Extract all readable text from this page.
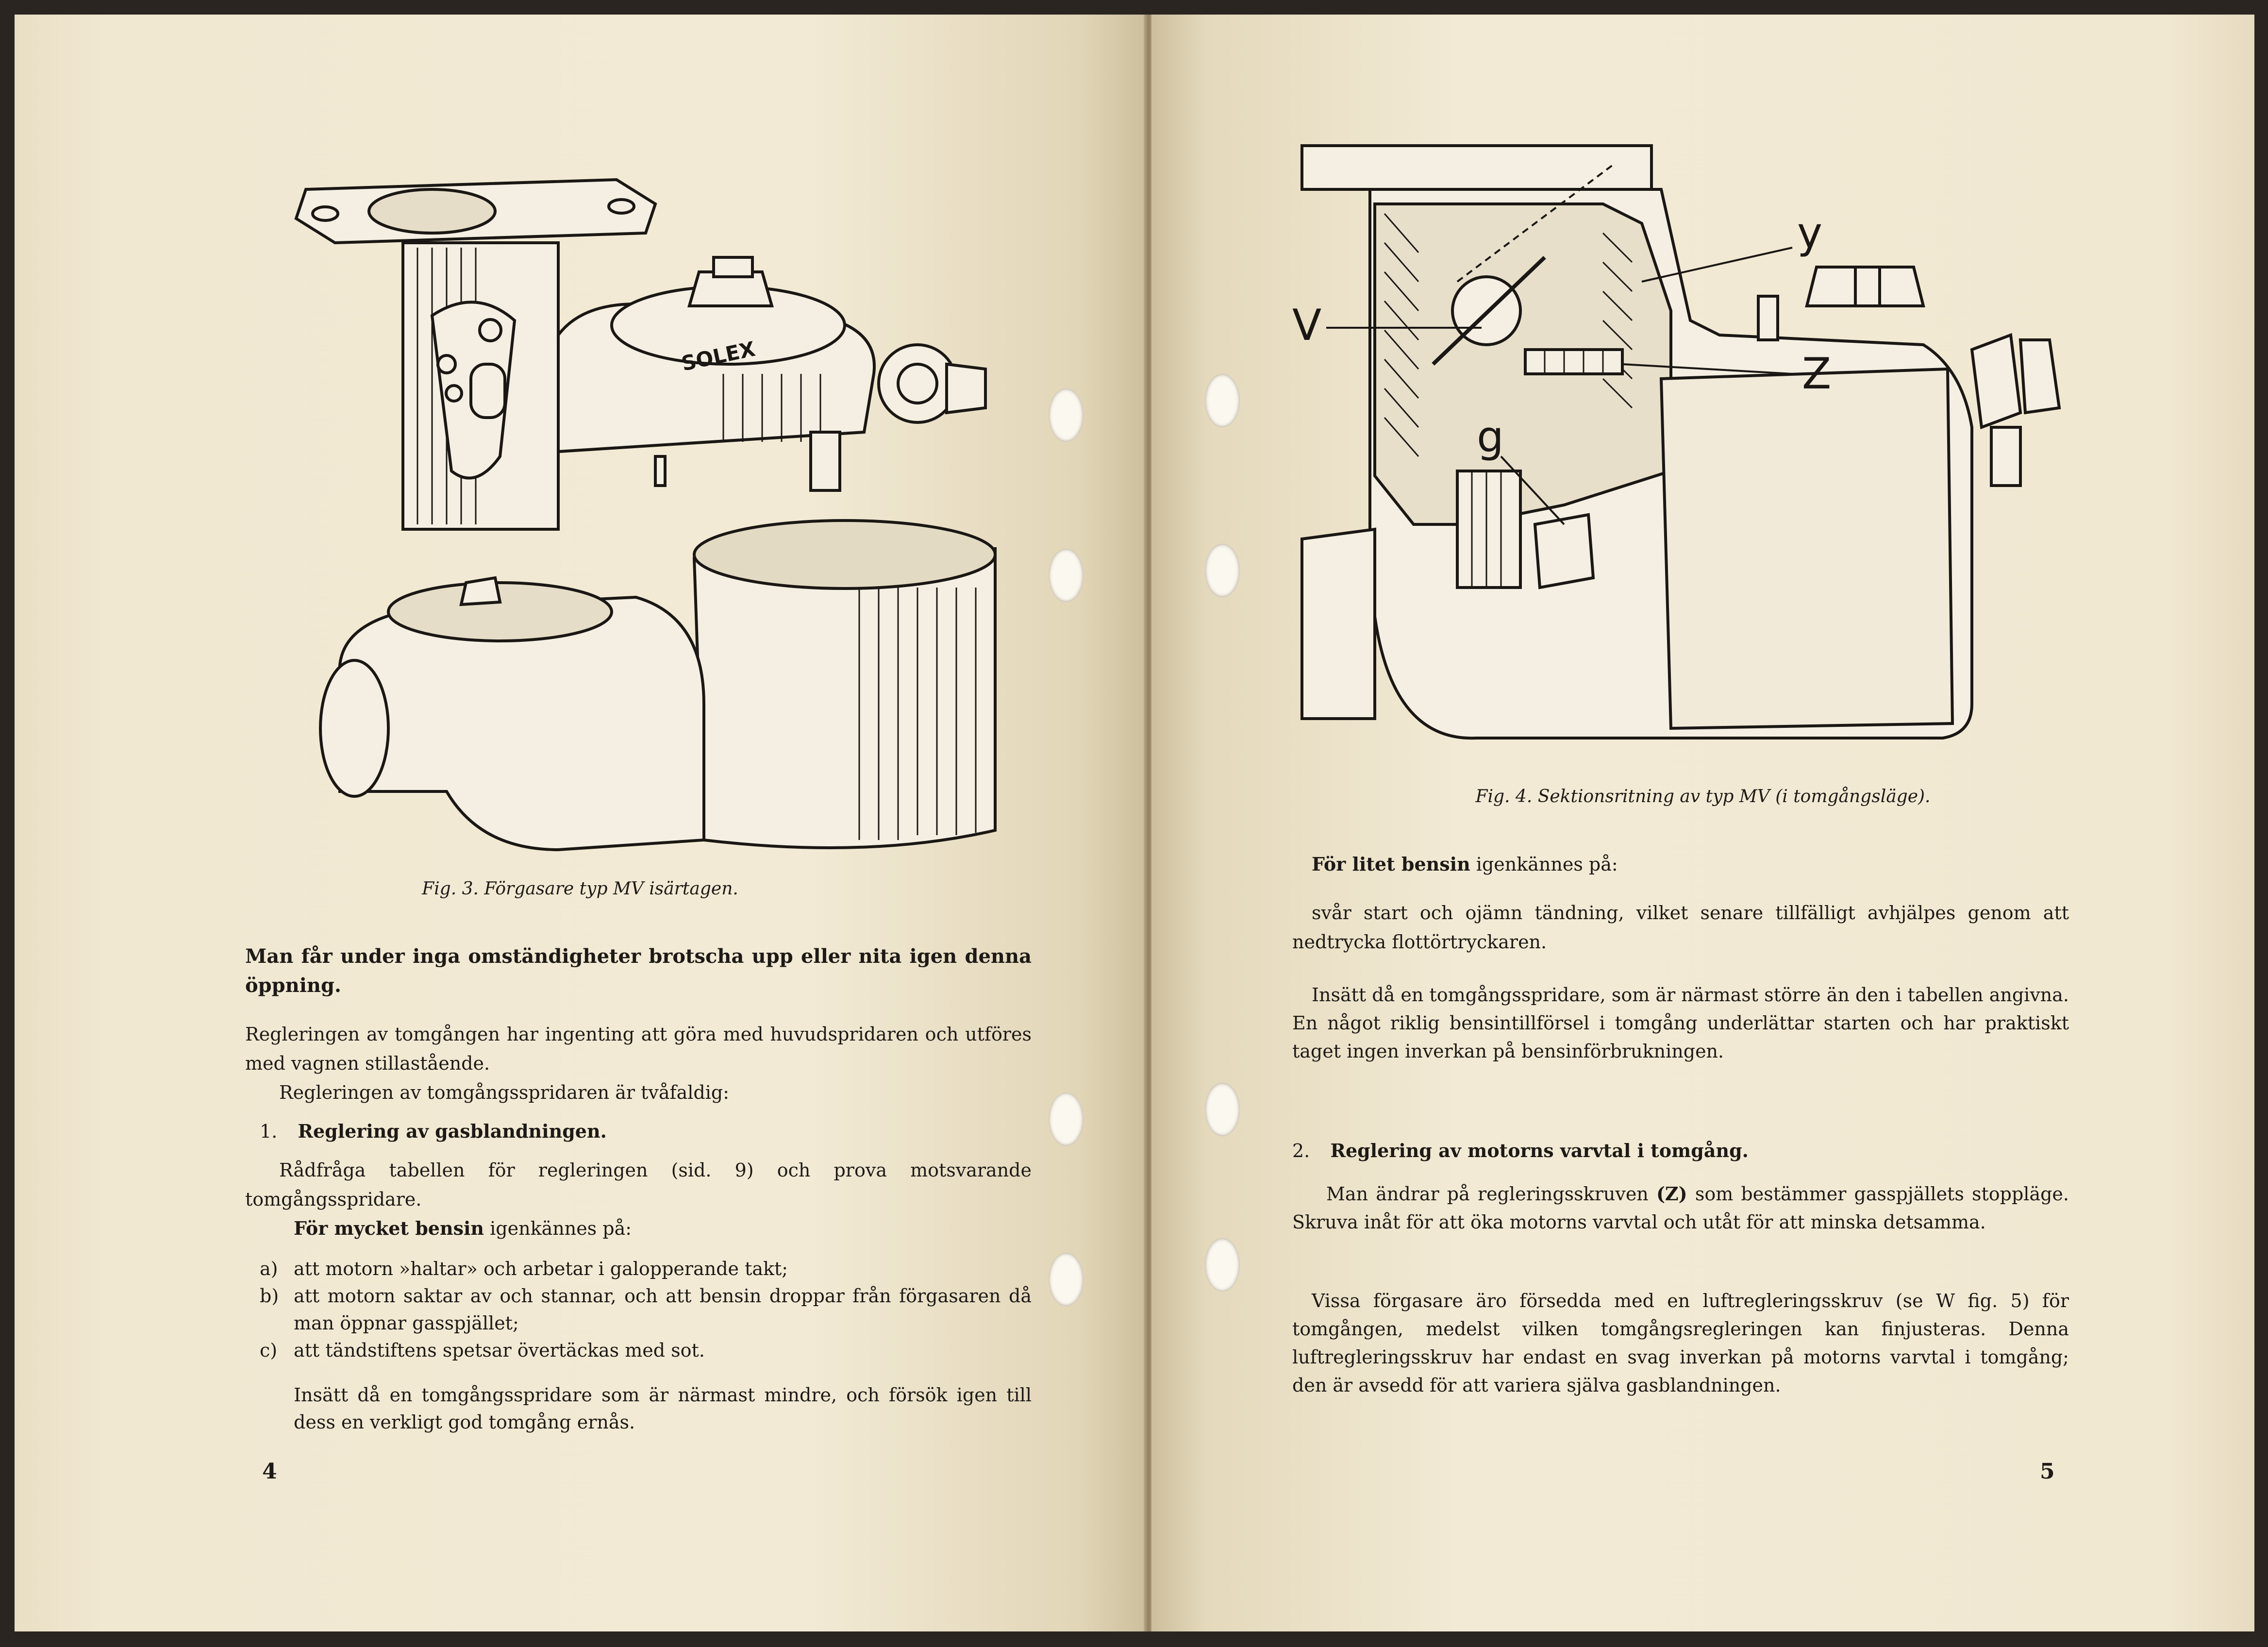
SOLEX
Fig. 3. Förgasare typ MV isärtagen.

Man får under inga omständigheter brotscha upp eller nita igen denna öppning.

Regleringen av tomgången har ingenting att göra med huvudspridaren och utföres med vagnen stillastående.

Regleringen av tomgångsspridaren är tvåfaldig:

1. Reglering av gasblandningen.

Rådfråga tabellen för regleringen (sid. 9) och prova motsvarande tomgångsspridare.

För mycket bensin igenkännes på:
a) att motorn »haltar» och arbetar i galopperande takt;
b) att motorn saktar av och stannar, och att bensin droppar från förgasaren då man öppnar gasspjället;
c) att tändstiftens spetsar övertäckas med sot.

Insätt då en tomgångsspridare som är närmast mindre, och försök igen till dess en verkligt god tomgång ernås.

4
V
y
Z
g
Fig. 4. Sektionsritning av typ MV (i tomgångsläge).
För litet bensin igenkännes på:

svår start och ojämn tändning, vilket senare tillfälligt avhjälpes genom att nedtrycka flottörtryckaren.

Insätt då en tomgångsspridare, som är närmast större än den i tabellen angivna. En något riklig bensintillförsel i tomgång underlättar starten och har praktiskt taget ingen inverkan på bensinförbrukningen.

2. Reglering av motorns varvtal i tomgång.

Man ändrar på regleringsskruven (Z) som bestämmer gasspjällets stoppläge. Skruva inåt för att öka motorns varvtal och utåt för att minska detsamma.

Vissa förgasare äro försedda med en luftregleringsskruv (se W fig. 5) för tomgången, medelst vilken tomgångsregleringen kan finjusteras. Denna luftregleringsskruv har endast en svag inverkan på motorns varvtal i tomgång; den är avsedd för att variera själva gasblandningen.

5
